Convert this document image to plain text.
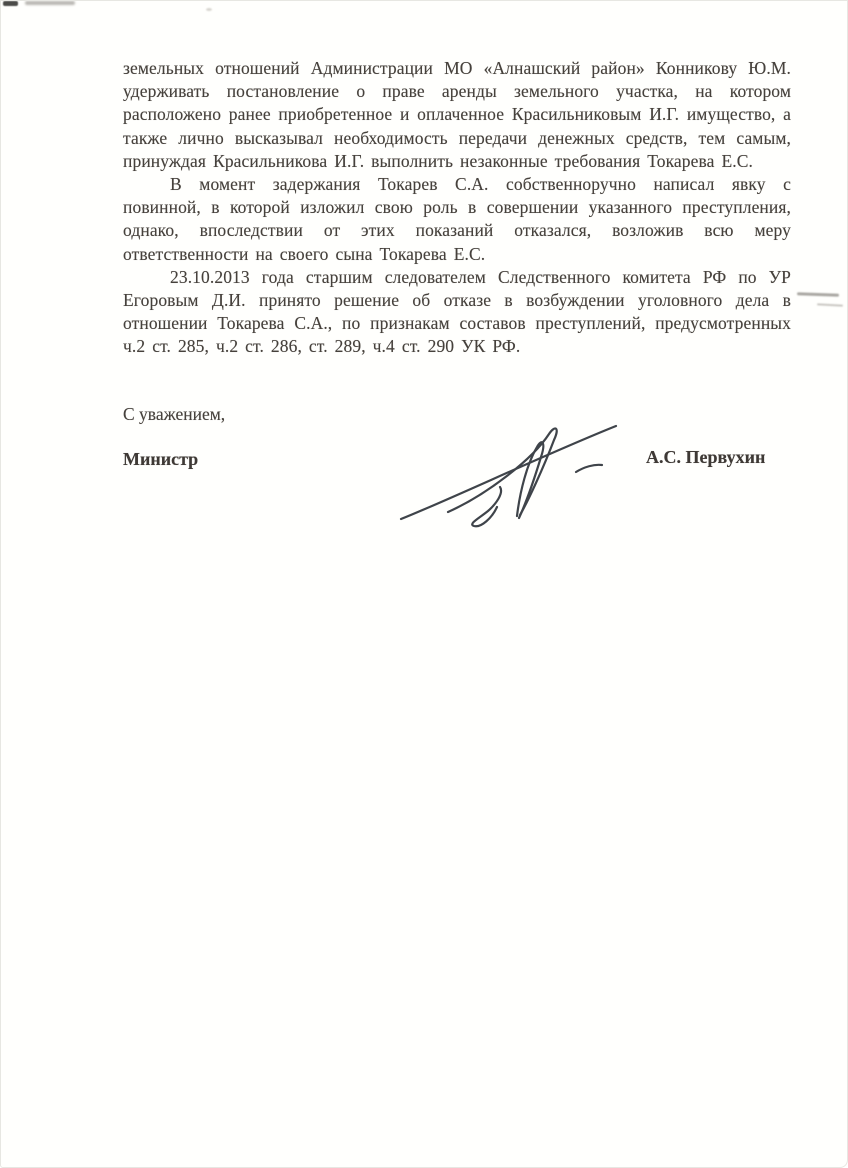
земельных отношений Администрации МО «Алнашский район» Конникову Ю.М. удерживать постановление о праве аренды земельного участка, на котором расположено ранее приобретенное и оплаченное Красильниковым И.Г. имущество, а также лично высказывал необходимость передачи денежных средств, тем самым, принуждая Красильникова И.Г. выполнить незаконные требования Токарева Е.С.

В момент задержания Токарев С.А. собственноручно написал явку с повинной, в которой изложил свою роль в совершении указанного преступления, однако, впоследствии от этих показаний отказался, возложив всю меру ответственности на своего сына Токарева Е.С.

23.10.2013 года старшим следователем Следственного комитета РФ по УР Егоровым Д.И. принято решение об отказе в возбуждении уголовного дела в отношении Токарева С.А., по признакам составов преступлений, предусмотренных ч.2 ст. 285, ч.2 ст. 286, ст. 289, ч.4 ст. 290 УК РФ.

С уважением,

Министр	А.С. Первухин
